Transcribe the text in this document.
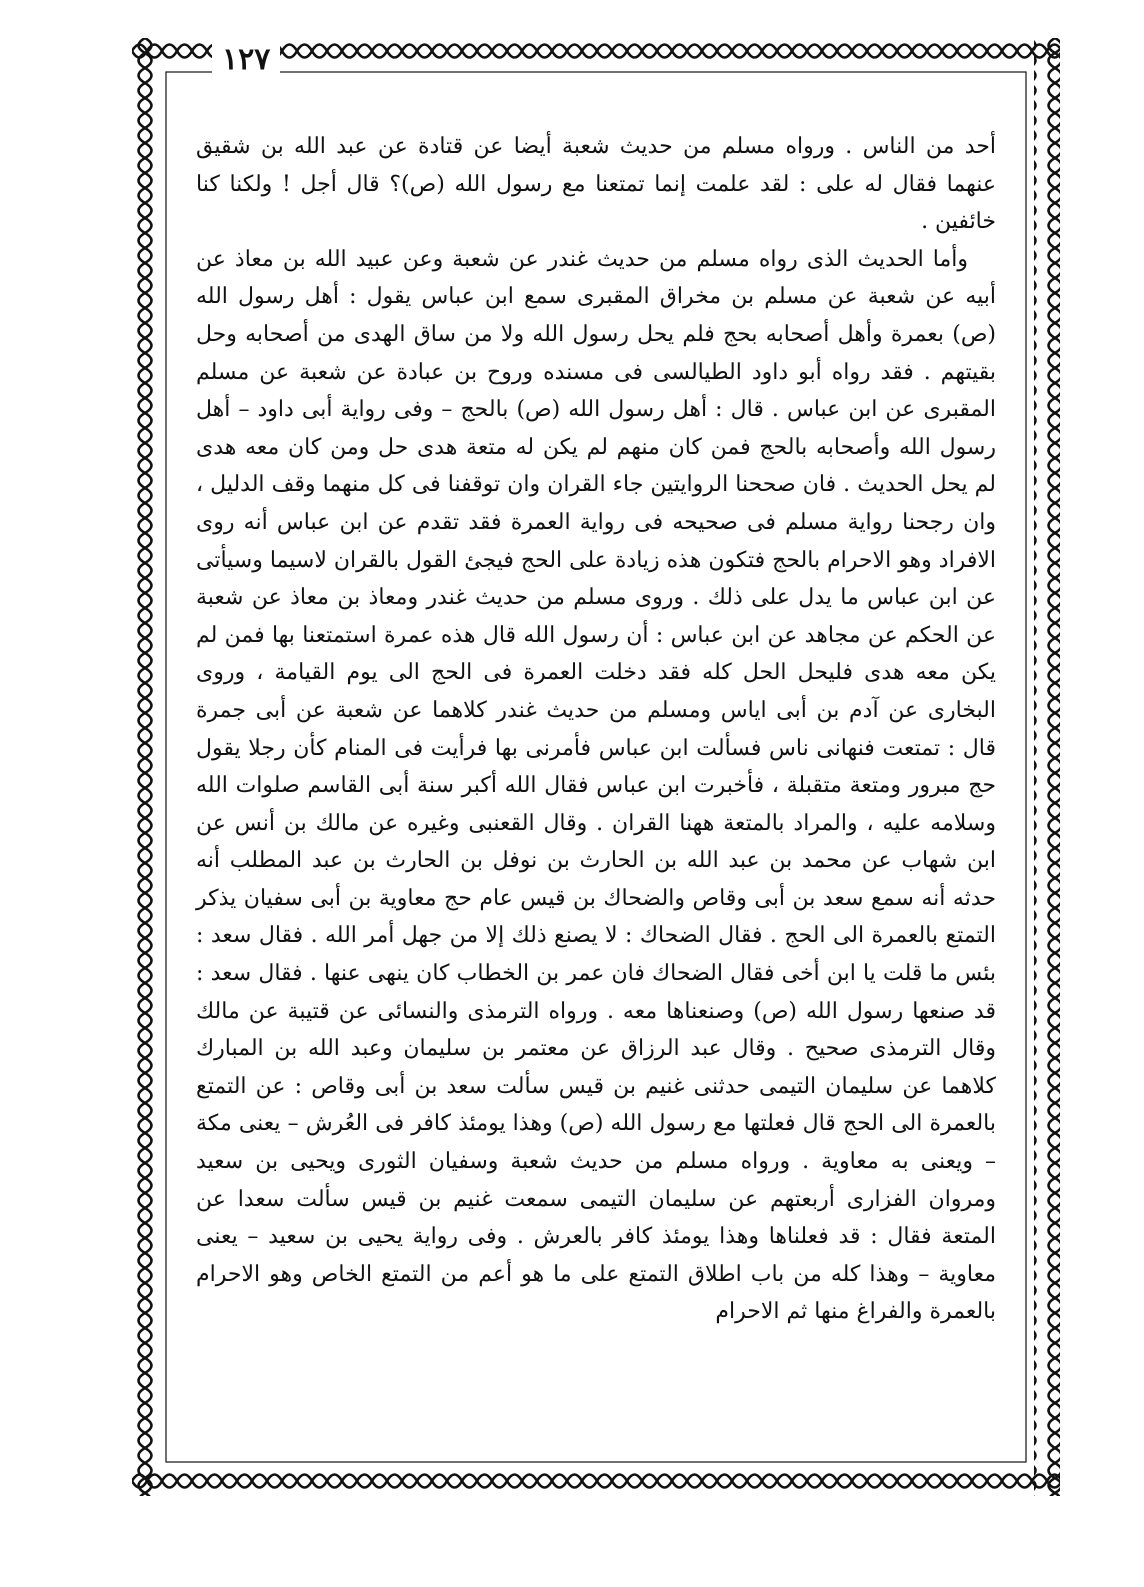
١٢٧

أحد من الناس . ورواه مسلم من حديث شعبة أيضا عن قتادة عن عبد الله بن شقيق عنهما فقال له على : لقد علمت إنما تمتعنا مع رسول الله (ص)؟ قال أجل ! ولكنا كنا خائفين .

وأما الحديث الذى رواه مسلم من حديث غندر عن شعبة وعن عبيد الله بن معاذ عن أبيه عن شعبة عن مسلم بن مخراق المقبرى سمع ابن عباس يقول : أهل رسول الله (ص) بعمرة وأهل أصحابه بحج فلم يحل رسول الله ولا من ساق الهدى من أصحابه وحل بقيتهم . فقد رواه أبو داود الطيالسى فى مسنده وروح بن عبادة عن شعبة عن مسلم المقبرى عن ابن عباس . قال : أهل رسول الله (ص) بالحج – وفى رواية أبى داود – أهل رسول الله وأصحابه بالحج فمن كان منهم لم يكن له متعة هدى حل ومن كان معه هدى لم يحل الحديث . فان صححنا الروايتين جاء القران وان توقفنا فى كل منهما وقف الدليل ، وان رجحنا رواية مسلم فى صحيحه فى رواية العمرة فقد تقدم عن ابن عباس أنه روى الافراد وهو الاحرام بالحج فتكون هذه زيادة على الحج فيجئ القول بالقران لاسيما وسيأتى عن ابن عباس ما يدل على ذلك . وروى مسلم من حديث غندر ومعاذ بن معاذ عن شعبة عن الحكم عن مجاهد عن ابن عباس : أن رسول الله قال هذه عمرة استمتعنا بها فمن لم يكن معه هدى فليحل الحل كله فقد دخلت العمرة فى الحج الى يوم القيامة ، وروى البخارى عن آدم بن أبى اياس ومسلم من حديث غندر كلاهما عن شعبة عن أبى جمرة قال : تمتعت فنهانى ناس فسألت ابن عباس فأمرنى بها فرأيت فى المنام كأن رجلا يقول حج مبرور ومتعة متقبلة ، فأخبرت ابن عباس فقال الله أكبر سنة أبى القاسم صلوات الله وسلامه عليه ، والمراد بالمتعة ههنا القران . وقال القعنبى وغيره عن مالك بن أنس عن ابن شهاب عن محمد بن عبد الله بن الحارث بن نوفل بن الحارث بن عبد المطلب أنه حدثه أنه سمع سعد بن أبى وقاص والضحاك بن قيس عام حج معاوية بن أبى سفيان يذكر التمتع بالعمرة الى الحج . فقال الضحاك : لا يصنع ذلك إلا من جهل أمر الله . فقال سعد : بئس ما قلت يا ابن أخى فقال الضحاك فان عمر بن الخطاب كان ينهى عنها . فقال سعد : قد صنعها رسول الله (ص) وصنعناها معه . ورواه الترمذى والنسائى عن قتيبة عن مالك وقال الترمذى صحيح . وقال عبد الرزاق عن معتمر بن سليمان وعبد الله بن المبارك كلاهما عن سليمان التيمى حدثنى غنيم بن قيس سألت سعد بن أبى وقاص : عن التمتع بالعمرة الى الحج قال فعلتها مع رسول الله (ص) وهذا يومئذ كافر فى العُرش – يعنى مكة – ويعنى به معاوية . ورواه مسلم من حديث شعبة وسفيان الثورى ويحيى بن سعيد ومروان الفزارى أربعتهم عن سليمان التيمى سمعت غنيم بن قيس سألت سعدا عن المتعة فقال : قد فعلناها وهذا يومئذ كافر بالعرش . وفى رواية يحيى بن سعيد – يعنى معاوية – وهذا كله من باب اطلاق التمتع على ما هو أعم من التمتع الخاص وهو الاحرام بالعمرة والفراغ منها ثم الاحرام
